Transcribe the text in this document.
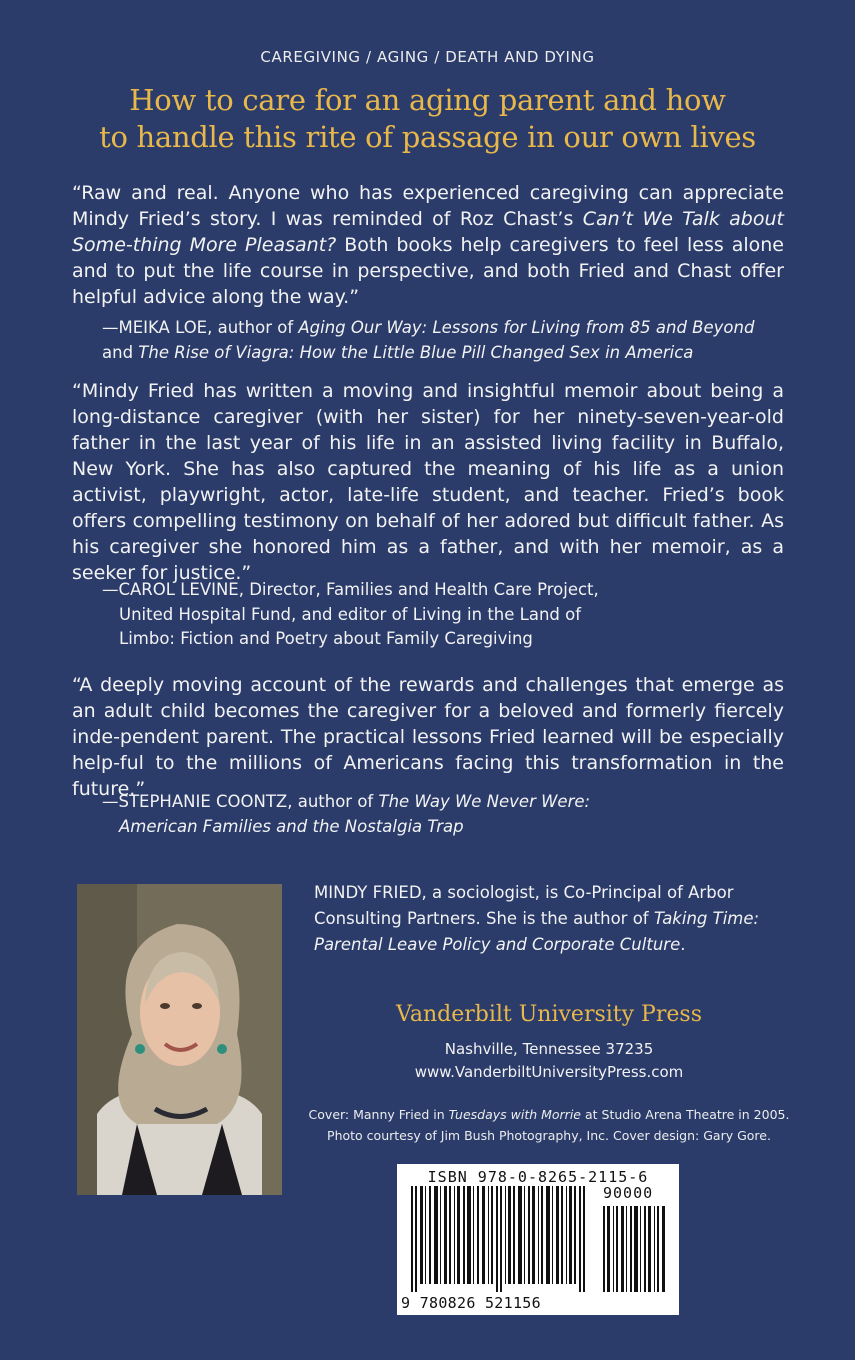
CAREGIVING / AGING / DEATH AND DYING
How to care for an aging parent and how
to handle this rite of passage in our own lives
“Raw and real. Anyone who has experienced caregiving can appreciate Mindy Fried’s story. I was reminded of Roz Chast’s Can’t We Talk about Some-thing More Pleasant? Both books help caregivers to feel less alone and to put the life course in perspective, and both Fried and Chast offer helpful advice along the way.”
—MEIKA LOE, author of Aging Our Way: Lessons for Living from 85 and Beyond
and The Rise of Viagra: How the Little Blue Pill Changed Sex in America
“Mindy Fried has written a moving and insightful memoir about being a long-distance caregiver (with her sister) for her ninety-seven-year-old father in the last year of his life in an assisted living facility in Buffalo, New York. She has also captured the meaning of his life as a union activist, playwright, actor, late-life student, and teacher. Fried’s book offers compelling testimony on behalf of her adored but difficult father. As his caregiver she honored him as a father, and with her memoir, as a seeker for justice.”
—CAROL LEVINE, Director, Families and Health Care Project,
United Hospital Fund, and editor of Living in the Land of
Limbo: Fiction and Poetry about Family Caregiving
“A deeply moving account of the rewards and challenges that emerge as an adult child becomes the caregiver for a beloved and formerly fiercely inde-pendent parent. The practical lessons Fried learned will be especially help-ful to the millions of Americans facing this transformation in the future.”
—STEPHANIE COONTZ, author of The Way We Never Were:
American Families and the Nostalgia Trap
MINDY FRIED, a sociologist, is Co-Principal of Arbor Consulting Partners. She is the author of Taking Time: Parental Leave Policy and Corporate Culture.
Vanderbilt University Press
Nashville, Tennessee 37235
www.VanderbiltUniversityPress.com
Cover: Manny Fried in Tuesdays with Morrie at Studio Arena Theatre in 2005.
Photo courtesy of Jim Bush Photography, Inc. Cover design: Gary Gore.
ISBN 978-0-8265-2115-6
90000
9 780826 521156
